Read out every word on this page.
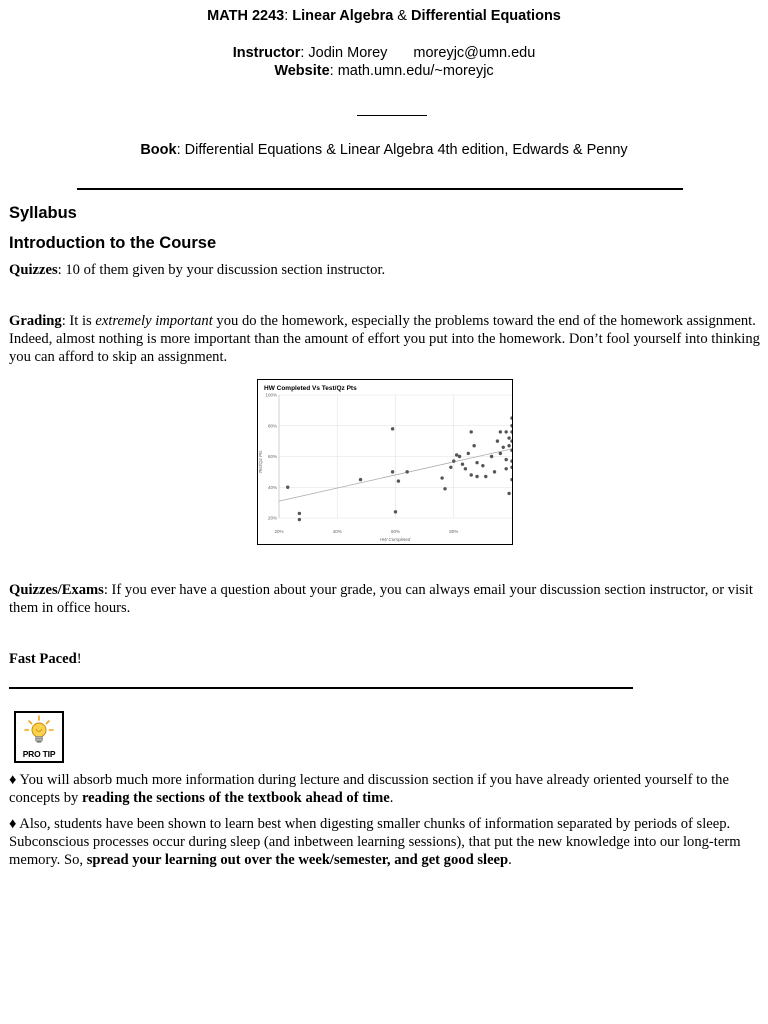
MATH 2243: Linear Algebra & Differential Equations
Instructor: Jodin Morey moreyjc@umn.edu
Website: math.umn.edu/~moreyjc
Book: Differential Equations & Linear Algebra 4th edition, Edwards & Penny
Syllabus
Introduction to the Course

Quizzes: 10 of them given by your discussion section instructor.

Grading: It is extremely important you do the homework, especially the problems toward the end of the homework assignment. Indeed, almost nothing is more important than the amount of effort you put into the homework. Don’t fool yourself into thinking you can afford to skip an assignment.

HW Completed Vs Test/Qz Pts
Test/Qz Pts
HW Completed
20%
40%
60%
80%
100%
20%	40%	60%	80%

Quizzes/Exams: If you ever have a question about your grade, you can always email your discussion section instructor, or visit them in office hours.

Fast Paced!

PRO TIP

♦ You will absorb much more information during lecture and discussion section if you have already oriented yourself to the concepts by reading the sections of the textbook ahead of time.

♦ Also, students have been shown to learn best when digesting smaller chunks of information separated by periods of sleep. Subconscious processes occur during sleep (and inbetween learning sessions), that put the new knowledge into our long-term memory. So, spread your learning out over the week/semester, and get good sleep.
